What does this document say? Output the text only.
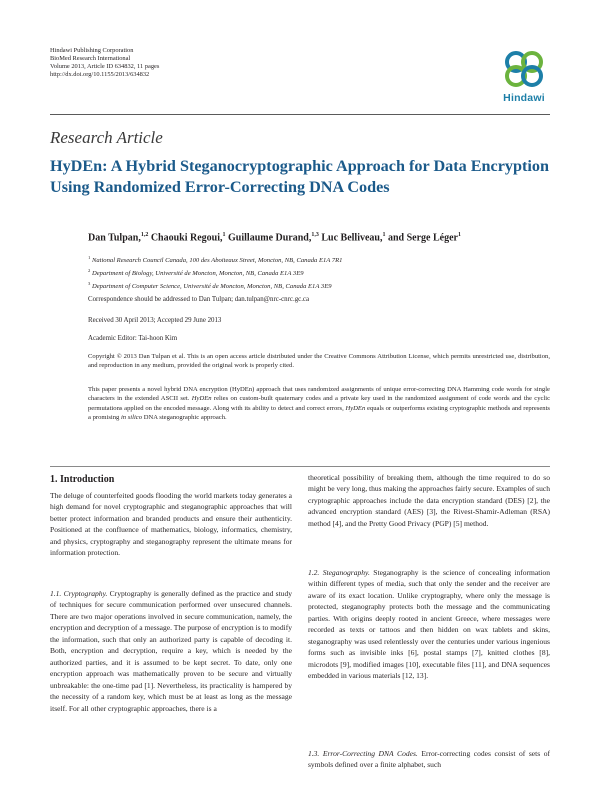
Hindawi Publishing Corporation
BioMed Research International
Volume 2013, Article ID 634832, 11 pages
http://dx.doi.org/10.1155/2013/634832
Hindawi
Research Article
HyDEn: A Hybrid Steganocryptographic Approach for Data Encryption Using Randomized Error-Correcting DNA Codes
Dan Tulpan,$^{1,2}$ Chaouki Regoui,$^1$ Guillaume Durand,$^{1,3}$ Luc Belliveau,$^1$ and Serge Léger$^1$
$^1$ National Research Council Canada, 100 des Aboiteaux Street, Moncton, NB, Canada E1A 7R1
$^2$ Department of Biology, Université de Moncton, Moncton, NB, Canada E1A 3E9
$^3$ Department of Computer Science, Université de Moncton, Moncton, NB, Canada E1A 3E9
Correspondence should be addressed to Dan Tulpan; dan.tulpan@nrc-cnrc.gc.ca
Received 30 April 2013; Accepted 29 June 2013
Academic Editor: Tai-hoon Kim
Copyright © 2013 Dan Tulpan et al. This is an open access article distributed under the Creative Commons Attribution License, which permits unrestricted use, distribution, and reproduction in any medium, provided the original work is properly cited.
This paper presents a novel hybrid DNA encryption (HyDEn) approach that uses randomized assignments of unique error-correcting DNA Hamming code words for single characters in the extended ASCII set. HyDEn relies on custom-built quaternary codes and a private key used in the randomized assignment of code words and the cyclic permutations applied on the encoded message. Along with its ability to detect and correct errors, HyDEn equals or outperforms existing cryptographic methods and represents a promising in silico DNA steganographic approach.
1. Introduction

The deluge of counterfeited goods flooding the world markets today generates a high demand for novel cryptographic and steganographic approaches that will better protect information and branded products and ensure their authenticity. Positioned at the confluence of mathematics, biology, informatics, chemistry, and physics, cryptography and steganography represent the ultimate means for information protection.

1.1. Cryptography. Cryptography is generally defined as the practice and study of techniques for secure communication performed over unsecured channels. There are two major operations involved in secure communication, namely, the encryption and decryption of a message. The purpose of encryption is to modify the information, such that only an authorized party is capable of decoding it. Both, encryption and decryption, require a key, which is needed by the authorized parties, and it is assumed to be kept secret. To date, only one encryption approach was mathematically proven to be secure and virtually unbreakable: the one-time pad [1]. Nevertheless, its practicality is hampered by the necessity of a random key, which must be at least as long as the message itself. For all other cryptographic approaches, there is a

theoretical possibility of breaking them, although the time required to do so might be very long, thus making the approaches fairly secure. Examples of such cryptographic approaches include the data encryption standard (DES) [2], the advanced encryption standard (AES) [3], the Rivest-Shamir-Adleman (RSA) method [4], and the Pretty Good Privacy (PGP) [5] method.

1.2. Steganography. Steganography is the science of concealing information within different types of media, such that only the sender and the receiver are aware of its exact location. Unlike cryptography, where only the message is protected, steganography protects both the message and the communicating parties. With origins deeply rooted in ancient Greece, where messages were recorded as texts or tattoos and then hidden on wax tablets and skins, steganography was used relentlessly over the centuries under various ingenious forms such as invisible inks [6], postal stamps [7], knitted clothes [8], microdots [9], modified images [10], executable files [11], and DNA sequences embedded in various materials [12, 13].

1.3. Error-Correcting DNA Codes. Error-correcting codes consist of sets of symbols defined over a finite alphabet, such
